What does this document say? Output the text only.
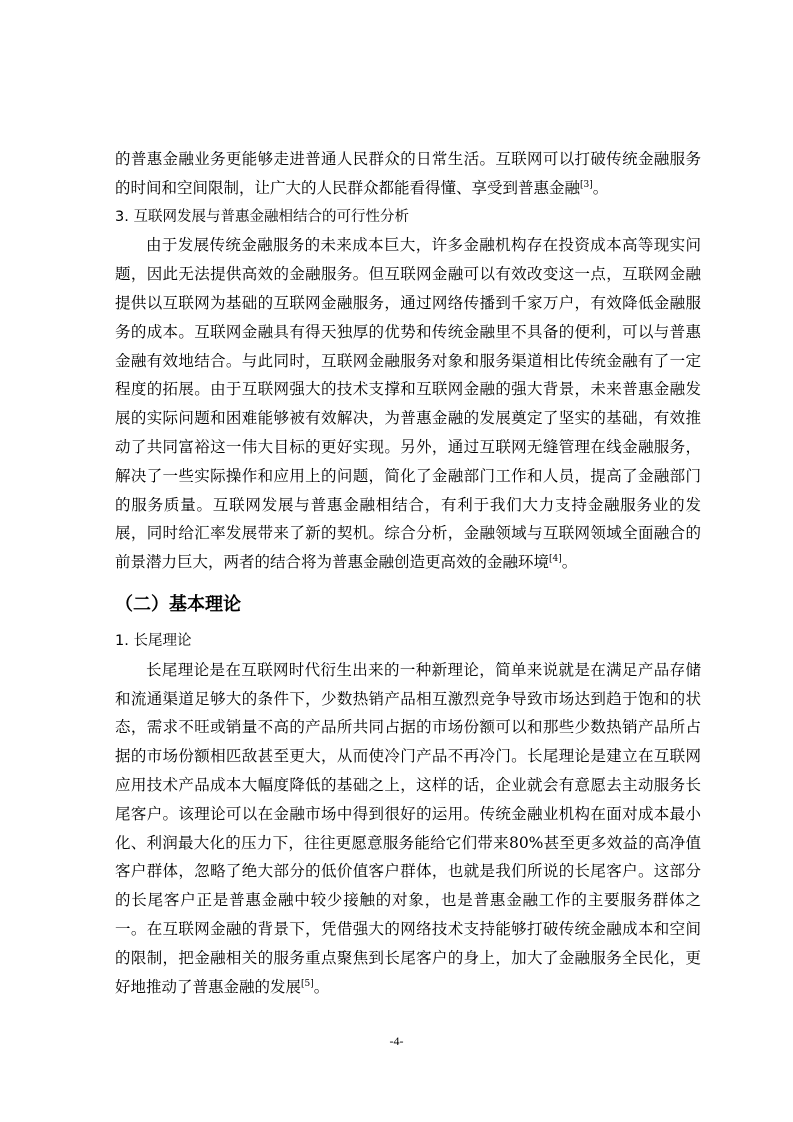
的普惠金融业务更能够走进普通人民群众的日常生活。互联网可以打破传统金融服务的时间和空间限制，让广大的人民群众都能看得懂、享受到普惠金融[3]。

3. 互联网发展与普惠金融相结合的可行性分析

由于发展传统金融服务的未来成本巨大，许多金融机构存在投资成本高等现实问题，因此无法提供高效的金融服务。但互联网金融可以有效改变这一点，互联网金融提供以互联网为基础的互联网金融服务，通过网络传播到千家万户，有效降低金融服务的成本。互联网金融具有得天独厚的优势和传统金融里不具备的便利，可以与普惠金融有效地结合。与此同时，互联网金融服务对象和服务渠道相比传统金融有了一定程度的拓展。由于互联网强大的技术支撑和互联网金融的强大背景，未来普惠金融发展的实际问题和困难能够被有效解决，为普惠金融的发展奠定了坚实的基础，有效推动了共同富裕这一伟大目标的更好实现。另外，通过互联网无缝管理在线金融服务，解决了一些实际操作和应用上的问题，简化了金融部门工作和人员，提高了金融部门的服务质量。互联网发展与普惠金融相结合，有利于我们大力支持金融服务业的发展，同时给汇率发展带来了新的契机。综合分析，金融领域与互联网领域全面融合的前景潜力巨大，两者的结合将为普惠金融创造更高效的金融环境[4]。

（二）基本理论
1. 长尾理论

长尾理论是在互联网时代衍生出来的一种新理论，简单来说就是在满足产品存储和流通渠道足够大的条件下，少数热销产品相互激烈竞争导致市场达到趋于饱和的状态，需求不旺或销量不高的产品所共同占据的市场份额可以和那些少数热销产品所占据的市场份额相匹敌甚至更大，从而使冷门产品不再冷门。长尾理论是建立在互联网应用技术产品成本大幅度降低的基础之上，这样的话，企业就会有意愿去主动服务长尾客户。该理论可以在金融市场中得到很好的运用。传统金融业机构在面对成本最小化、利润最大化的压力下，往往更愿意服务能给它们带来80%甚至更多效益的高净值客户群体，忽略了绝大部分的低价值客户群体，也就是我们所说的长尾客户。这部分的长尾客户正是普惠金融中较少接触的对象，也是普惠金融工作的主要服务群体之一。在互联网金融的背景下，凭借强大的网络技术支持能够打破传统金融成本和空间的限制，把金融相关的服务重点聚焦到长尾客户的身上，加大了金融服务全民化，更好地推动了普惠金融的发展[5]。

-4-
